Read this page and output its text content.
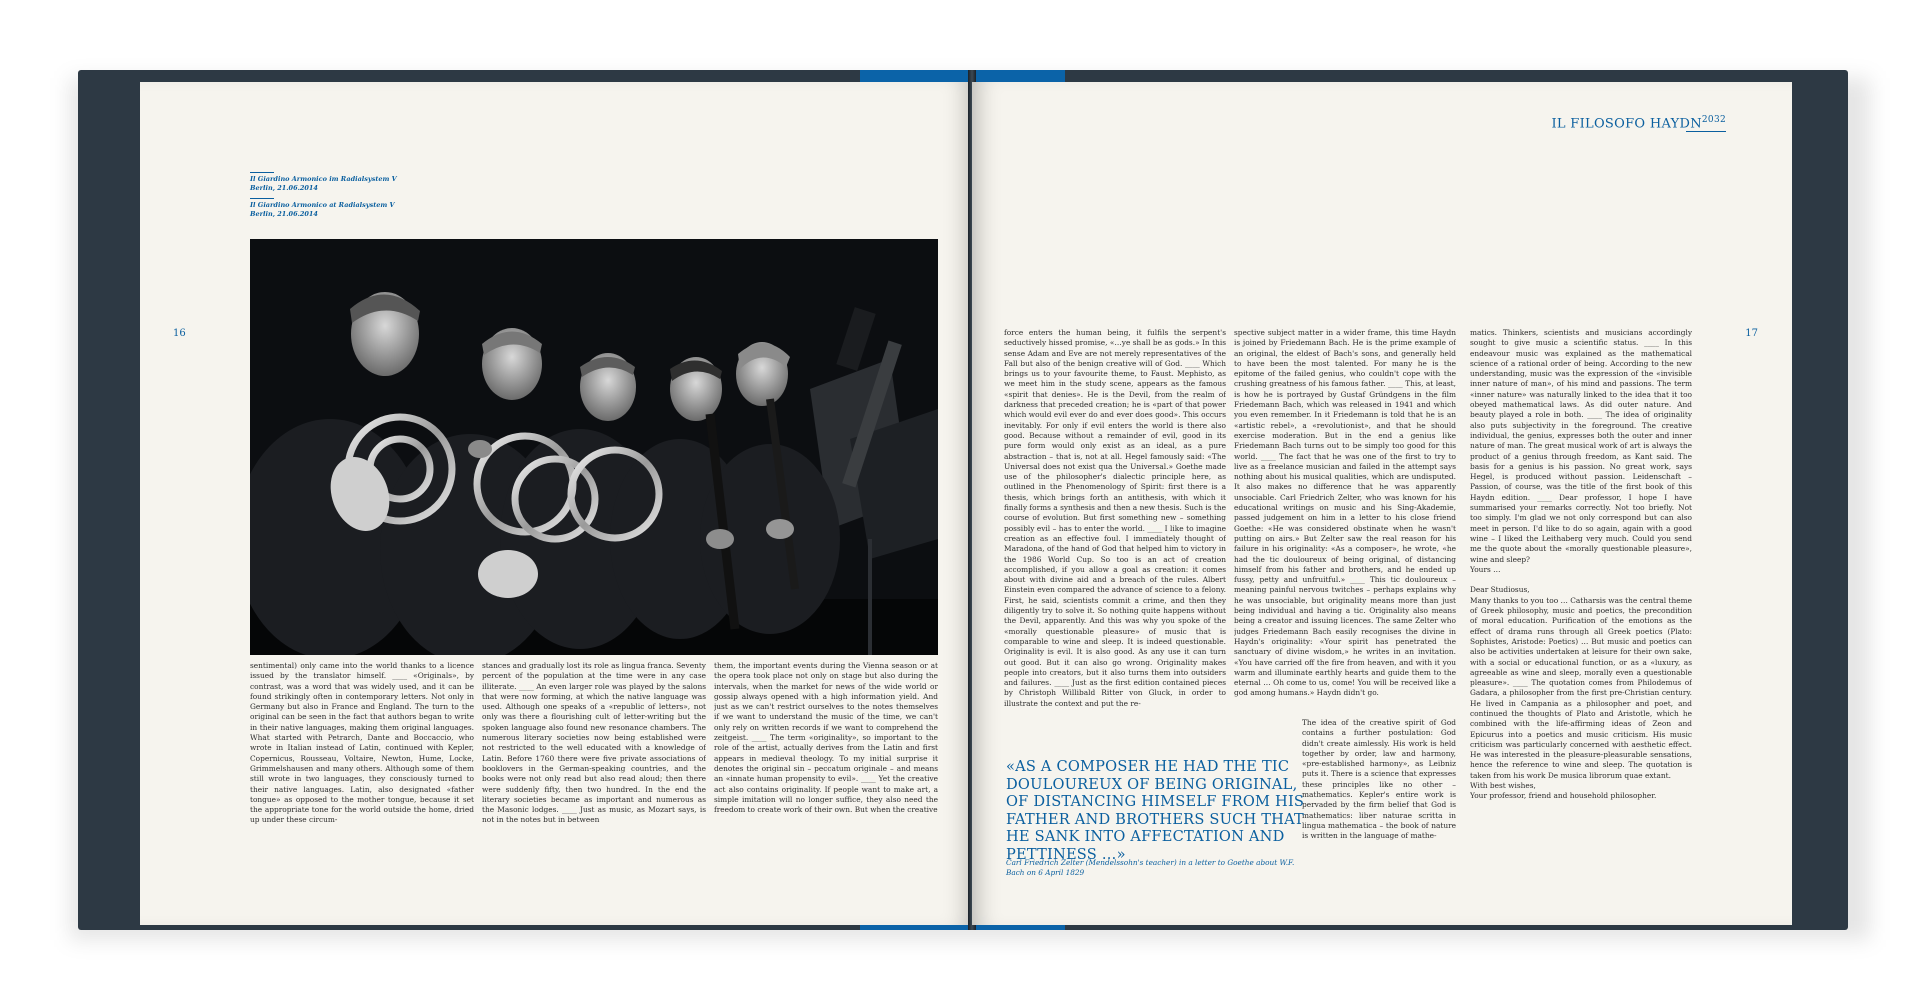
16
Il Giardino Armonico im Radialsystem V
Berlin, 21.06.2014
Il Giardino Armonico at Radialsystem V
Berlin, 21.06.2014
sentimental) only came into the world thanks to a licence issued by the translator himself. ____ «Originals», by contrast, was a word that was widely used, and it can be found strikingly often in contemporary letters. Not only in Germany but also in France and England. The turn to the original can be seen in the fact that authors began to write in their native languages, making them original languages. What started with Petrarch, Dante and Boccaccio, who wrote in Italian instead of Latin, continued with Kepler, Copernicus, Rousseau, Voltaire, Newton, Hume, Locke, Grimmelshausen and many others. Although some of them still wrote in two languages, they consciously turned to their native languages. Latin, also designated «father tongue» as opposed to the mother tongue, because it set the appropriate tone for the world outside the home, dried up under these circum-
stances and gradually lost its role as lingua franca. Seventy percent of the population at the time were in any case illiterate. ____ An even larger role was played by the salons that were now forming, at which the native language was used. Although one speaks of a «republic of letters», not only was there a flourishing cult of letter-writing but the spoken language also found new resonance chambers. The numerous literary societies now being established were not restricted to the well educated with a knowledge of Latin. Before 1760 there were five private associations of booklovers in the German-speaking countries, and the books were not only read but also read aloud; then there were suddenly fifty, then two hundred. In the end the literary societies became as important and numerous as the Masonic lodges. ____ Just as music, as Mozart says, is not in the notes but in between
them, the important events during the Vienna season or at the opera took place not only on stage but also during the intervals, when the market for news of the wide world or gossip always opened with a high information yield. And just as we can't restrict ourselves to the notes themselves if we want to understand the music of the time, we can't only rely on written records if we want to comprehend the zeitgeist. ____ The term «originality», so important to the role of the artist, actually derives from the Latin and first appears in medieval theology. To my initial surprise it denotes the original sin – peccatum originale – and means an «innate human propensity to evil». ____ Yet the creative act also contains originality. If people want to make art, a simple imitation will no longer suffice, they also need the freedom to create work of their own. But when the creative
IL FILOSOFO $HAYDN^{2032}$
17
force enters the human being, it fulfils the serpent's seductively hissed promise, «…ye shall be as gods.» In this sense Adam and Eve are not merely representatives of the Fall but also of the benign creative will of God. ____ Which brings us to your favourite theme, to Faust. Mephisto, as we meet him in the study scene, appears as the famous «spirit that denies». He is the Devil, from the realm of darkness that preceded creation; he is «part of that power which would evil ever do and ever does good». This occurs inevitably. For only if evil enters the world is there also good. Because without a remainder of evil, good in its pure form would only exist as an ideal, as a pure abstraction – that is, not at all. Hegel famously said: «The Universal does not exist qua the Universal.» Goethe made use of the philosopher's dialectic principle here, as outlined in the Phenomenology of Spirit: first there is a thesis, which brings forth an antithesis, with which it finally forms a synthesis and then a new thesis. Such is the course of evolution. But first something new – something possibly evil – has to enter the world. ____ I like to imagine creation as an effective foul. I immediately thought of Maradona, of the hand of God that helped him to victory in the 1986 World Cup. So too is an act of creation accomplished, if you allow a goal as creation: it comes about with divine aid and a breach of the rules. Albert Einstein even compared the advance of science to a felony. First, he said, scientists commit a crime, and then they diligently try to solve it. So nothing quite happens without the Devil, apparently. And this was why you spoke of the «morally questionable pleasure» of music that is comparable to wine and sleep. It is indeed questionable. Originality is evil. It is also good. As any use it can turn out good. But it can also go wrong. Originality makes people into creators, but it also turns them into outsiders and failures. ____ Just as the first edition contained pieces by Christoph Willibald Ritter von Gluck, in order to illustrate the context and put the re-
spective subject matter in a wider frame, this time Haydn is joined by Friedemann Bach. He is the prime example of an original, the eldest of Bach's sons, and generally held to have been the most talented. For many he is the epitome of the failed genius, who couldn't cope with the crushing greatness of his famous father. ____ This, at least, is how he is portrayed by Gustaf Gründgens in the film Friedemann Bach, which was released in 1941 and which you even remember. In it Friedemann is told that he is an «artistic rebel», a «revolutionist», and that he should exercise moderation. But in the end a genius like Friedemann Bach turns out to be simply too good for this world. ____ The fact that he was one of the first to try to live as a freelance musician and failed in the attempt says nothing about his musical qualities, which are undisputed. It also makes no difference that he was apparently unsociable. Carl Friedrich Zelter, who was known for his educational writings on music and his Sing-Akademie, passed judgement on him in a letter to his close friend Goethe: «He was considered obstinate when he wasn't putting on airs.» But Zelter saw the real reason for his failure in his originality: «As a composer», he wrote, «he had the tic douloureux of being original, of distancing himself from his father and brothers, and he ended up fussy, petty and unfruitful.» ____ This tic douloureux – meaning painful nervous twitches – perhaps explains why he was unsociable, but originality means more than just being individual and having a tic. Originality also means being a creator and issuing licences. The same Zelter who judges Friedemann Bach easily recognises the divine in Haydn's originality: «Your spirit has penetrated the sanctuary of divine wisdom,» he writes in an invitation. «You have carried off the fire from heaven, and with it you warm and illuminate earthly hearts and guide them to the eternal … Oh come to us, come! You will be received like a god among humans.» Haydn didn't go.
The idea of the creative spirit of God contains a further postulation: God didn't create aimlessly. His work is held together by order, law and harmony, «pre-established harmony», as Leibniz puts it. There is a science that expresses these principles like no other – mathematics. Kepler's entire work is pervaded by the firm belief that God is mathematics: liber naturae scritta in lingua mathematica – the book of nature is written in the language of mathe-
matics. Thinkers, scientists and musicians accordingly sought to give music a scientific status. ____ In this endeavour music was explained as the mathematical science of a rational order of being. According to the new understanding, music was the expression of the «invisible inner nature of man», of his mind and passions. The term «inner nature» was naturally linked to the idea that it too obeyed mathematical laws. As did outer nature. And beauty played a role in both. ____ The idea of originality also puts subjectivity in the foreground. The creative individual, the genius, expresses both the outer and inner nature of man. The great musical work of art is always the product of a genius through freedom, as Kant said. The basis for a genius is his passion. No great work, says Hegel, is produced without passion. Leidenschaft – Passion, of course, was the title of the first book of this Haydn edition. ____ Dear professor, I hope I have summarised your remarks correctly. Not too briefly. Not too simply. I'm glad we not only correspond but can also meet in person. I'd like to do so again, again with a good wine – I liked the Leithaberg very much. Could you send me the quote about the «morally questionable pleasure», wine and sleep?
Yours …

Dear Studiosus,
Many thanks to you too … Catharsis was the central theme of Greek philosophy, music and poetics, the precondition of moral education. Purification of the emotions as the effect of drama runs through all Greek poetics (Plato: Sophistes, Aristode: Poetics) … But music and poetics can also be activities undertaken at leisure for their own sake, with a social or educational function, or as a «luxury, as agreeable as wine and sleep, morally even a questionable pleasure». ____ The quotation comes from Philodemus of Gadara, a philosopher from the first pre-Christian century. He lived in Campania as a philosopher and poet, and continued the thoughts of Plato and Aristotle, which he combined with the life-affirming ideas of Zeon and Epicurus into a poetics and music criticism. His music criticism was particularly concerned with aesthetic effect. He was interested in the pleasure-pleasurable sensations, hence the reference to wine and sleep. The quotation is taken from his work De musica librorum quae extant.
With best wishes,
Your professor, friend and household philosopher.
«AS A COMPOSER HE HAD THE TIC DOULOUREUX OF BEING ORIGINAL, OF DISTANCING HIMSELF FROM HIS FATHER AND BROTHERS SUCH THAT HE SANK INTO AFFECTATION AND PETTINESS …»
Carl Friedrich Zelter (Mendelssohn's teacher) in a letter to Goethe about W.F. Bach on 6 April 1829
